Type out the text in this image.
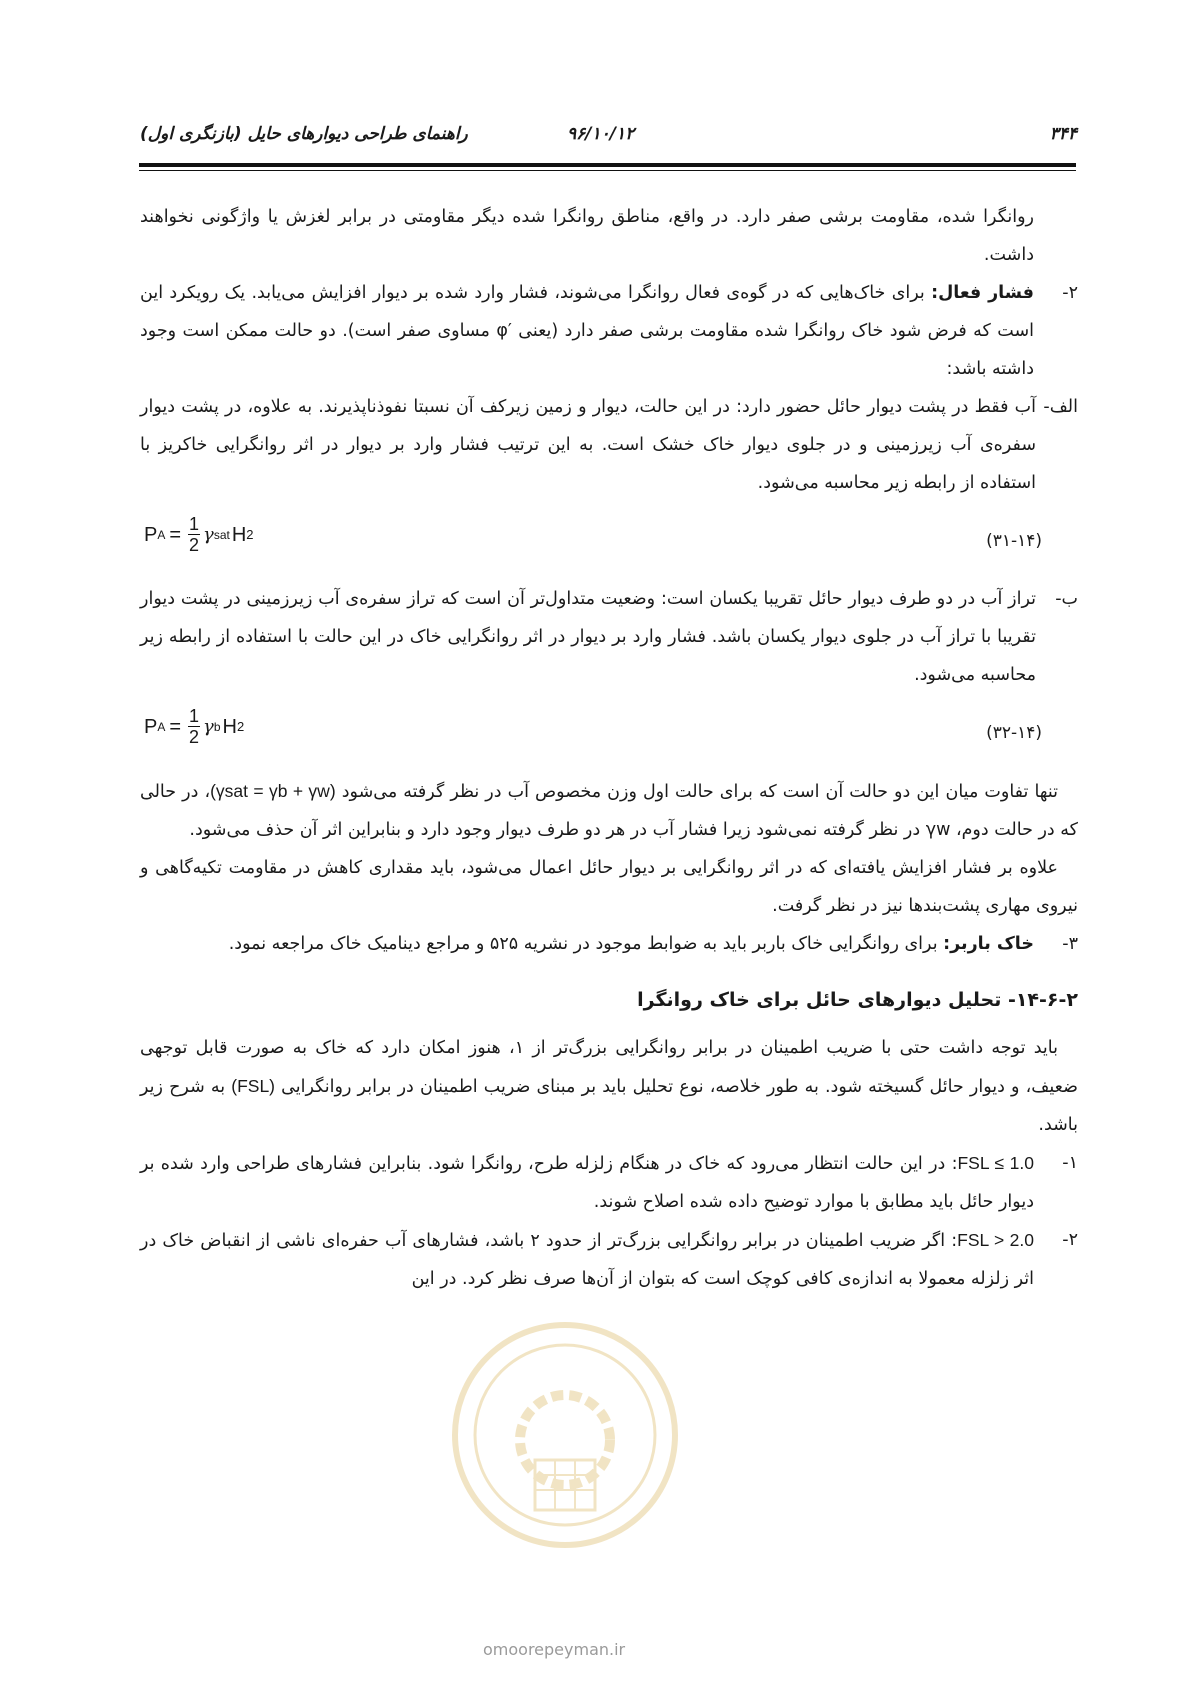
۳۴۴
۹۶/۱۰/۱۲
راهنمای طراحی دیوارهای حایل (بازنگری اول)

روانگرا شده، مقاومت برشی صفر دارد. در واقع، مناطق روانگرا شده دیگر مقاومتی در برابر لغزش یا واژگونی نخواهند داشت.

۲-
فشار فعال: برای خاک‌هایی که در گوه‌ی فعال روانگرا می‌شوند، فشار وارد شده بر دیوار افزایش می‌یابد. یک رویکرد این است که فرض شود خاک روانگرا شده مقاومت برشی صفر دارد (یعنی ′φ مساوی صفر است). دو حالت ممکن است وجود داشته باشد:
الف-
آب فقط در پشت دیوار حائل حضور دارد: در این حالت، دیوار و زمین زیرکف آن نسبتا نفوذناپذیرند. به علاوه، در پشت دیوار سفره‌ی آب زیرزمینی و در جلوی دیوار خاک خشک است. به این ترتیب فشار وارد بر دیوار در اثر روانگرایی خاکریز با استفاده از رابطه زیر محاسبه می‌شود.
P $A = \frac{1}{2}$ γ sat H 2	(۳۱-۱۴)
ب-
تراز آب در دو طرف دیوار حائل تقریبا یکسان است: وضعیت متداول‌تر آن است که تراز سفره‌ی آب زیرزمینی در پشت دیوار تقریبا با تراز آب در جلوی دیوار یکسان باشد. فشار وارد بر دیوار در اثر روانگرایی خاک در این حالت با استفاده از رابطه زیر محاسبه می‌شود.
P $A = \frac{1}{2}$ γ b H 2	(۳۲-۱۴)

تنها تفاوت میان این دو حالت آن است که برای حالت اول وزن مخصوص آب در نظر گرفته می‌شود (γsat = γb + γw)، در حالی که در حالت دوم، γw در نظر گرفته نمی‌شود زیرا فشار آب در هر دو طرف دیوار وجود دارد و بنابراین اثر آن حذف می‌شود.

علاوه بر فشار افزایش یافته‌ای که در اثر روانگرایی بر دیوار حائل اعمال می‌شود، باید مقداری کاهش در مقاومت تکیه‌گاهی و نیروی مهاری پشت‌بندها نیز در نظر گرفت.

۳-
خاک باربر: برای روانگرایی خاک باربر باید به ضوابط موجود در نشریه ۵۲۵ و مراجع دینامیک خاک مراجعه نمود.
۱۴-۶-۲- تحلیل دیوارهای حائل برای خاک روانگرا

باید توجه داشت حتی با ضریب اطمینان در برابر روانگرایی بزرگ‌تر از ۱، هنوز امکان دارد که خاک به صورت قابل توجهی ضعیف، و دیوار حائل گسیخته شود. به طور خلاصه، نوع تحلیل باید بر مبنای ضریب اطمینان در برابر روانگرایی (FSL) به شرح زیر باشد.

۱-
FSL ≤ 1.0: در این حالت انتظار می‌رود که خاک در هنگام زلزله طرح، روانگرا شود. بنابراین فشارهای طراحی وارد شده بر دیوار حائل باید مطابق با موارد توضیح داده شده اصلاح شوند.
۲-
FSL > 2.0: اگر ضریب اطمینان در برابر روانگرایی بزرگ‌تر از حدود ۲ باشد، فشارهای آب حفره‌ای ناشی از انقباض خاک در اثر زلزله معمولا به اندازه‌ی کافی کوچک است که بتوان از آن‌ها صرف نظر کرد. در این
omoorepeyman.ir
